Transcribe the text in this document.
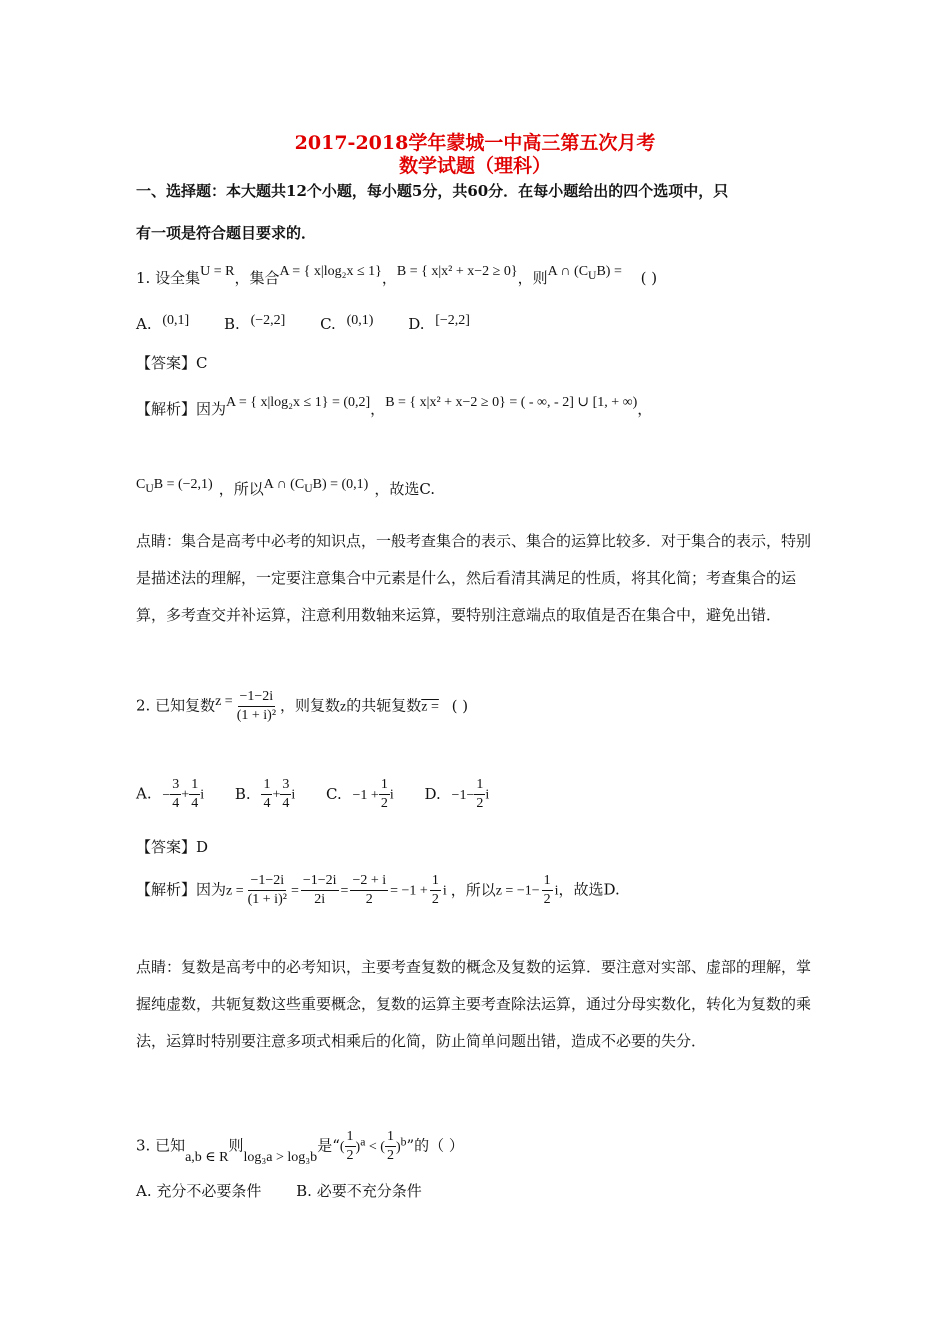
2017-2018学年蒙城一中高三第五次月考
数学试题（理科）
一、选择题：本大题共12个小题，每小题5分，共60分．在每小题给出的四个选项中，只
有一项是符合题目要求的．
1. 设全集U = R，集合A = { x|log₂x ≤ 1}，B = { x|x² + x−2 ≥ 0}，则A ∩ $(C_UB)$ = ( )
A. (0,1] B. (−2,2] C. (0,1) D. [−2,2]
【答案】C
【解析】因为A = { x|log₂x ≤ 1} = (0,2]，B = { x|x² + x−2 ≥ 0} = ( - ∞, - 2] ∪ [1, + ∞)，
$C_UB = (-2,1)$ ，所以A ∩ $(C_UB) = (0,1)$ ，故选C.
点睛：集合是高考中必考的知识点，一般考查集合的表示、集合的运算比较多．对于集合的表示，特别是描述法的理解，一定要注意集合中元素是什么，然后看清其满足的性质，将其化简；考查集合的运算，多考查交并补运算，注意利用数轴来运算，要特别注意端点的取值是否在集合中，避免出错．
2. 已知复数$z = \frac{-1-2i}{\text{(1 + i)²}}$ ，则复数z的共轭复数z = ( )
A. − $\frac{3}{4} + \frac{1}{4}$ i B. $\frac{1}{4} + \frac{3}{4}$ i C. $-1 + \frac{1}{2}$ i D. $-1- \frac{1}{2}$ i
【答案】D
【解析】因为$z = \frac{-1-2i}{\text{(1 + i)²}} = \frac{-1-2i}{2i} = \frac{-2 + i}{2} = -1 + \frac{1}{2}$ i ，所以$z = -1- \frac{1}{2}$ i，故选D.
点睛：复数是高考中的必考知识，主要考查复数的概念及复数的运算．要注意对实部、虚部的理解，掌握纯虚数，共轭复数这些重要概念，复数的运算主要考查除法运算，通过分母实数化，转化为复数的乘法，运算时特别要注意多项式相乘后的化简，防止简单问题出错，造成不必要的失分．
3. 已知a,b ∈ R则log₃a > log₃b是“( $\frac{1}{2} )^a$ < ( $\frac{1}{2} )^b$”的（ ）
A. 充分不必要条件 B. 必要不充分条件
